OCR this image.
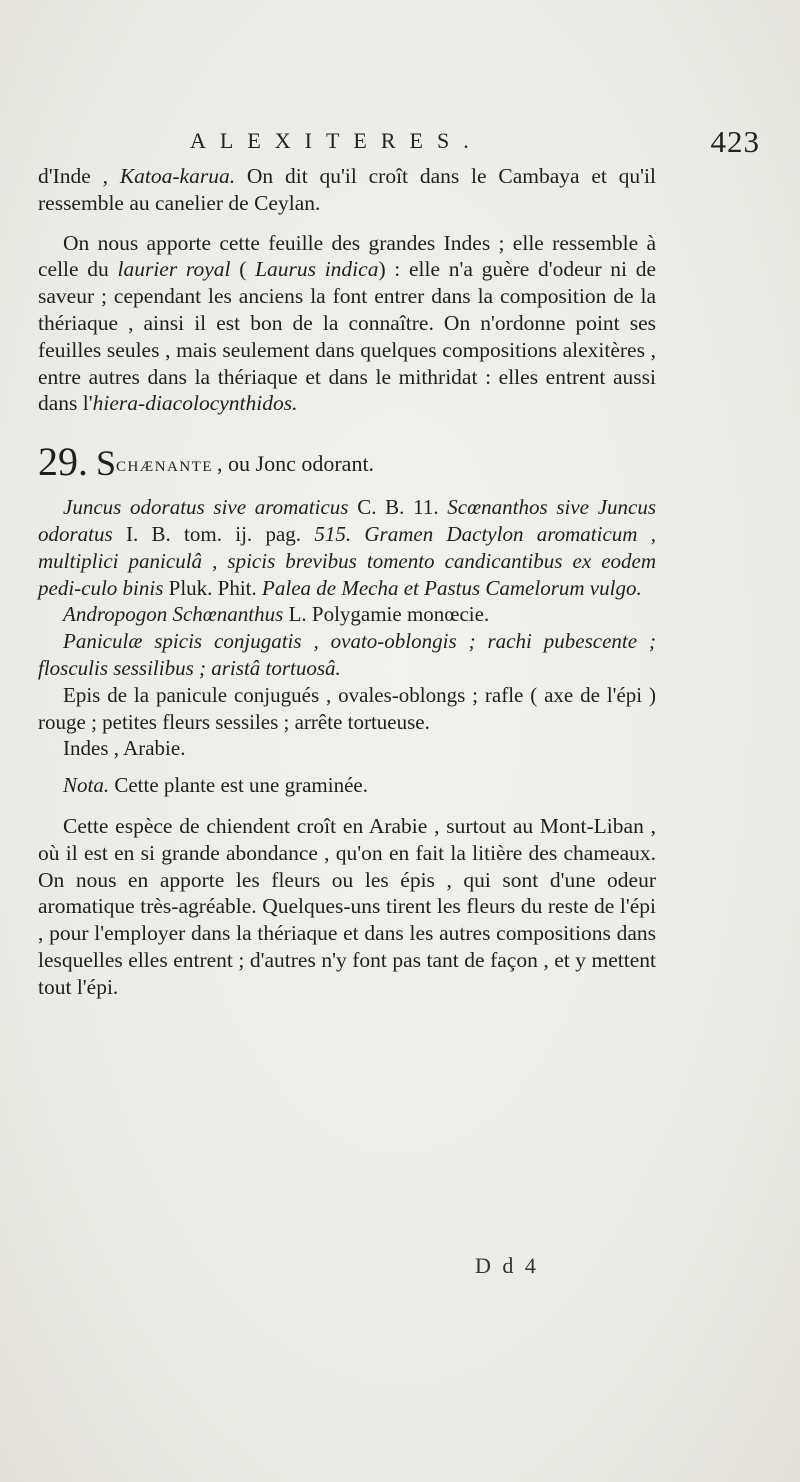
ALEXITERES.	423

d'Inde , Katoa-karua. On dit qu'il croît dans le Cambaya et qu'il ressemble au canelier de Ceylan.

On nous apporte cette feuille des grandes Indes ; elle ressemble à celle du laurier royal ( Laurus indica) : elle n'a guère d'odeur ni de saveur ; cependant les anciens la font entrer dans la composition de la thériaque , ainsi il est bon de la connaître. On n'ordonne point ses feuilles seules , mais seulement dans quelques compositions alexitères , entre autres dans la thériaque et dans le mithridat : elles entrent aussi dans l'hiera-diacolocynthidos.

29. SCHÆNANTE , ou Jonc odorant.

Juncus odoratus sive aromaticus C. B. 11. Scœnanthos sive Juncus odoratus I. B. tom. ij. pag. 515. Gramen Dactylon aromaticum , multiplici paniculâ , spicis brevibus tomento candicantibus ex eodem pedi-culo binis Pluk. Phit. Palea de Mecha et Pastus Camelorum vulgo.

Andropogon Schœnanthus L. Polygamie monœcie.

Paniculæ spicis conjugatis , ovato-oblongis ; rachi pubescente ; flosculis sessilibus ; aristâ tortuosâ.

Epis de la panicule conjugués , ovales-oblongs ; rafle ( axe de l'épi ) rouge ; petites fleurs sessiles ; arrête tortueuse.

Indes , Arabie.

Nota. Cette plante est une graminée.

Cette espèce de chiendent croît en Arabie , surtout au Mont-Liban , où il est en si grande abondance , qu'on en fait la litière des chameaux. On nous en apporte les fleurs ou les épis , qui sont d'une odeur aromatique très-agréable. Quelques-uns tirent les fleurs du reste de l'épi , pour l'employer dans la thériaque et dans les autres compositions dans lesquelles elles entrent ; d'autres n'y font pas tant de façon , et y mettent tout l'épi.

D d 4
